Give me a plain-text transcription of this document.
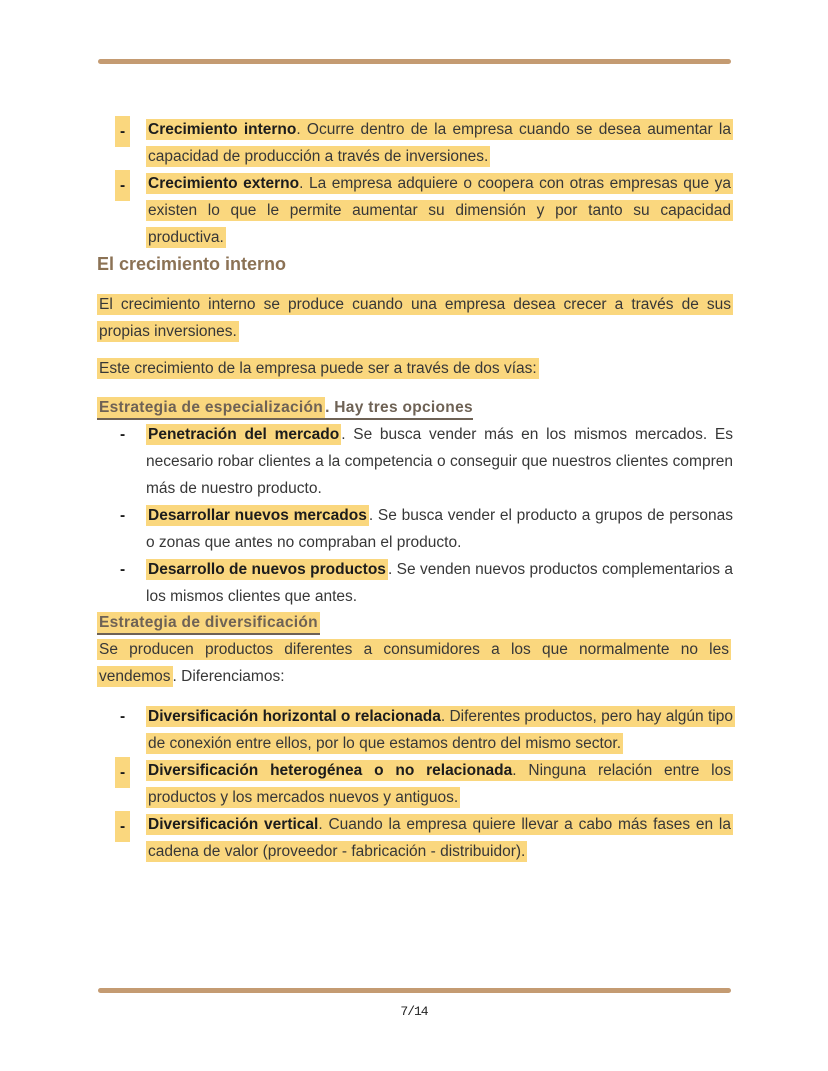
-	Crecimiento interno. Ocurre dentro de la empresa cuando se desea aumentar la capacidad de producción a través de inversiones.
-	Crecimiento externo. La empresa adquiere o coopera con otras empresas que ya existen lo que le permite aumentar su dimensión y por tanto su capacidad productiva.
El crecimiento interno

El crecimiento interno se produce cuando una empresa desea crecer a través de sus propias inversiones.

Este crecimiento de la empresa puede ser a través de dos vías:

Estrategia de especialización . Hay tres opciones
- Penetración del mercado . Se busca vender más en los mismos mercados. Es necesario robar clientes a la competencia o conseguir que nuestros clientes compren más de nuestro producto.
- Desarrollar nuevos mercados . Se busca vender el producto a grupos de personas o zonas que antes no compraban el producto.
- Desarrollo de nuevos productos . Se venden nuevos productos complementarios a los mismos clientes que antes.
Estrategia de diversificación

Se producen productos diferentes a consumidores a los que normalmente no les vendemos . Diferenciamos:

- Diversificación horizontal o relacionada. Diferentes productos, pero hay algún tipo de conexión entre ellos, por lo que estamos dentro del mismo sector.
-	Diversificación heterogénea o no relacionada. Ninguna relación entre los productos y los mercados nuevos y antiguos.
-	Diversificación vertical. Cuando la empresa quiere llevar a cabo más fases en la cadena de valor (proveedor - fabricación - distribuidor).
7/14
